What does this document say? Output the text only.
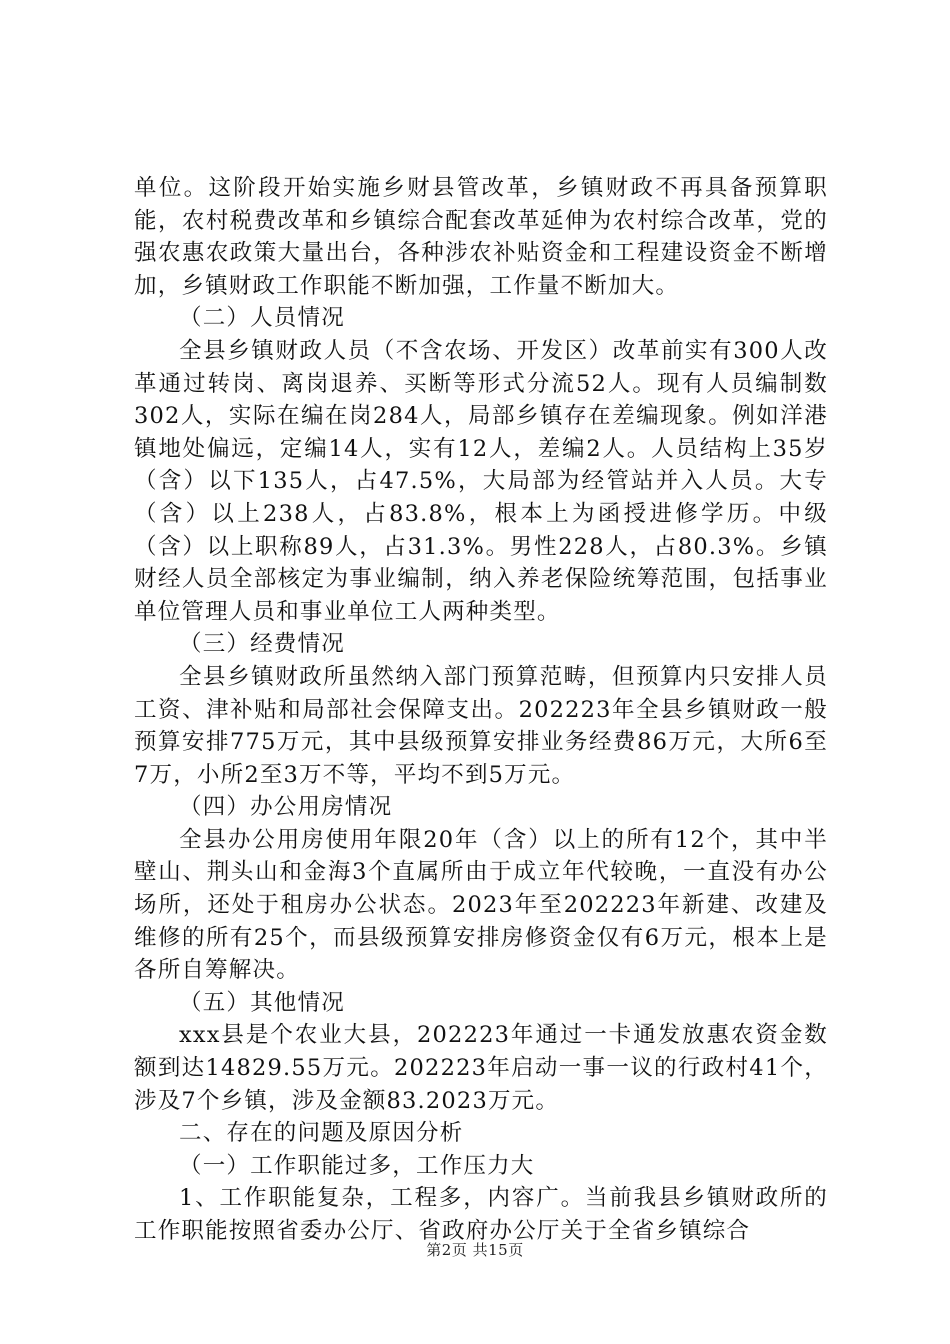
单位。这阶段开始实施乡财县管改革，乡镇财政不再具备预算职能，农村税费改革和乡镇综合配套改革延伸为农村综合改革，党的强农惠农政策大量出台，各种涉农补贴资金和工程建设资金不断增加，乡镇财政工作职能不断加强，工作量不断加大。

（二）人员情况

全县乡镇财政人员（不含农场、开发区）改革前实有300人改革通过转岗、离岗退养、买断等形式分流52人。现有人员编制数302人，实际在编在岗284人，局部乡镇存在差编现象。例如洋港镇地处偏远，定编14人，实有12人，差编2人。人员结构上35岁（含）以下135人，占47.5%，大局部为经管站并入人员。大专（含）以上238人，占83.8%，根本上为函授进修学历。中级（含）以上职称89人，占31.3%。男性228人，占80.3%。乡镇财经人员全部核定为事业编制，纳入养老保险统筹范围，包括事业单位管理人员和事业单位工人两种类型。

（三）经费情况

全县乡镇财政所虽然纳入部门预算范畴，但预算内只安排人员工资、津补贴和局部社会保障支出。202223年全县乡镇财政一般预算安排775万元，其中县级预算安排业务经费86万元，大所6至7万，小所2至3万不等，平均不到5万元。

（四）办公用房情况

全县办公用房使用年限20年（含）以上的所有12个，其中半壁山、荆头山和金海3个直属所由于成立年代较晚，一直没有办公场所，还处于租房办公状态。2023年至202223年新建、改建及维修的所有25个，而县级预算安排房修资金仅有6万元，根本上是各所自筹解决。

（五）其他情况

xxx县是个农业大县，202223年通过一卡通发放惠农资金数额到达14829.55万元。202223年启动一事一议的行政村41个，涉及7个乡镇，涉及金额83.2023万元。

二、存在的问题及原因分析

（一）工作职能过多，工作压力大

1、工作职能复杂，工程多，内容广。当前我县乡镇财政所的工作职能按照省委办公厅、省政府办公厅关于全省乡镇综合

第2页 共15页
